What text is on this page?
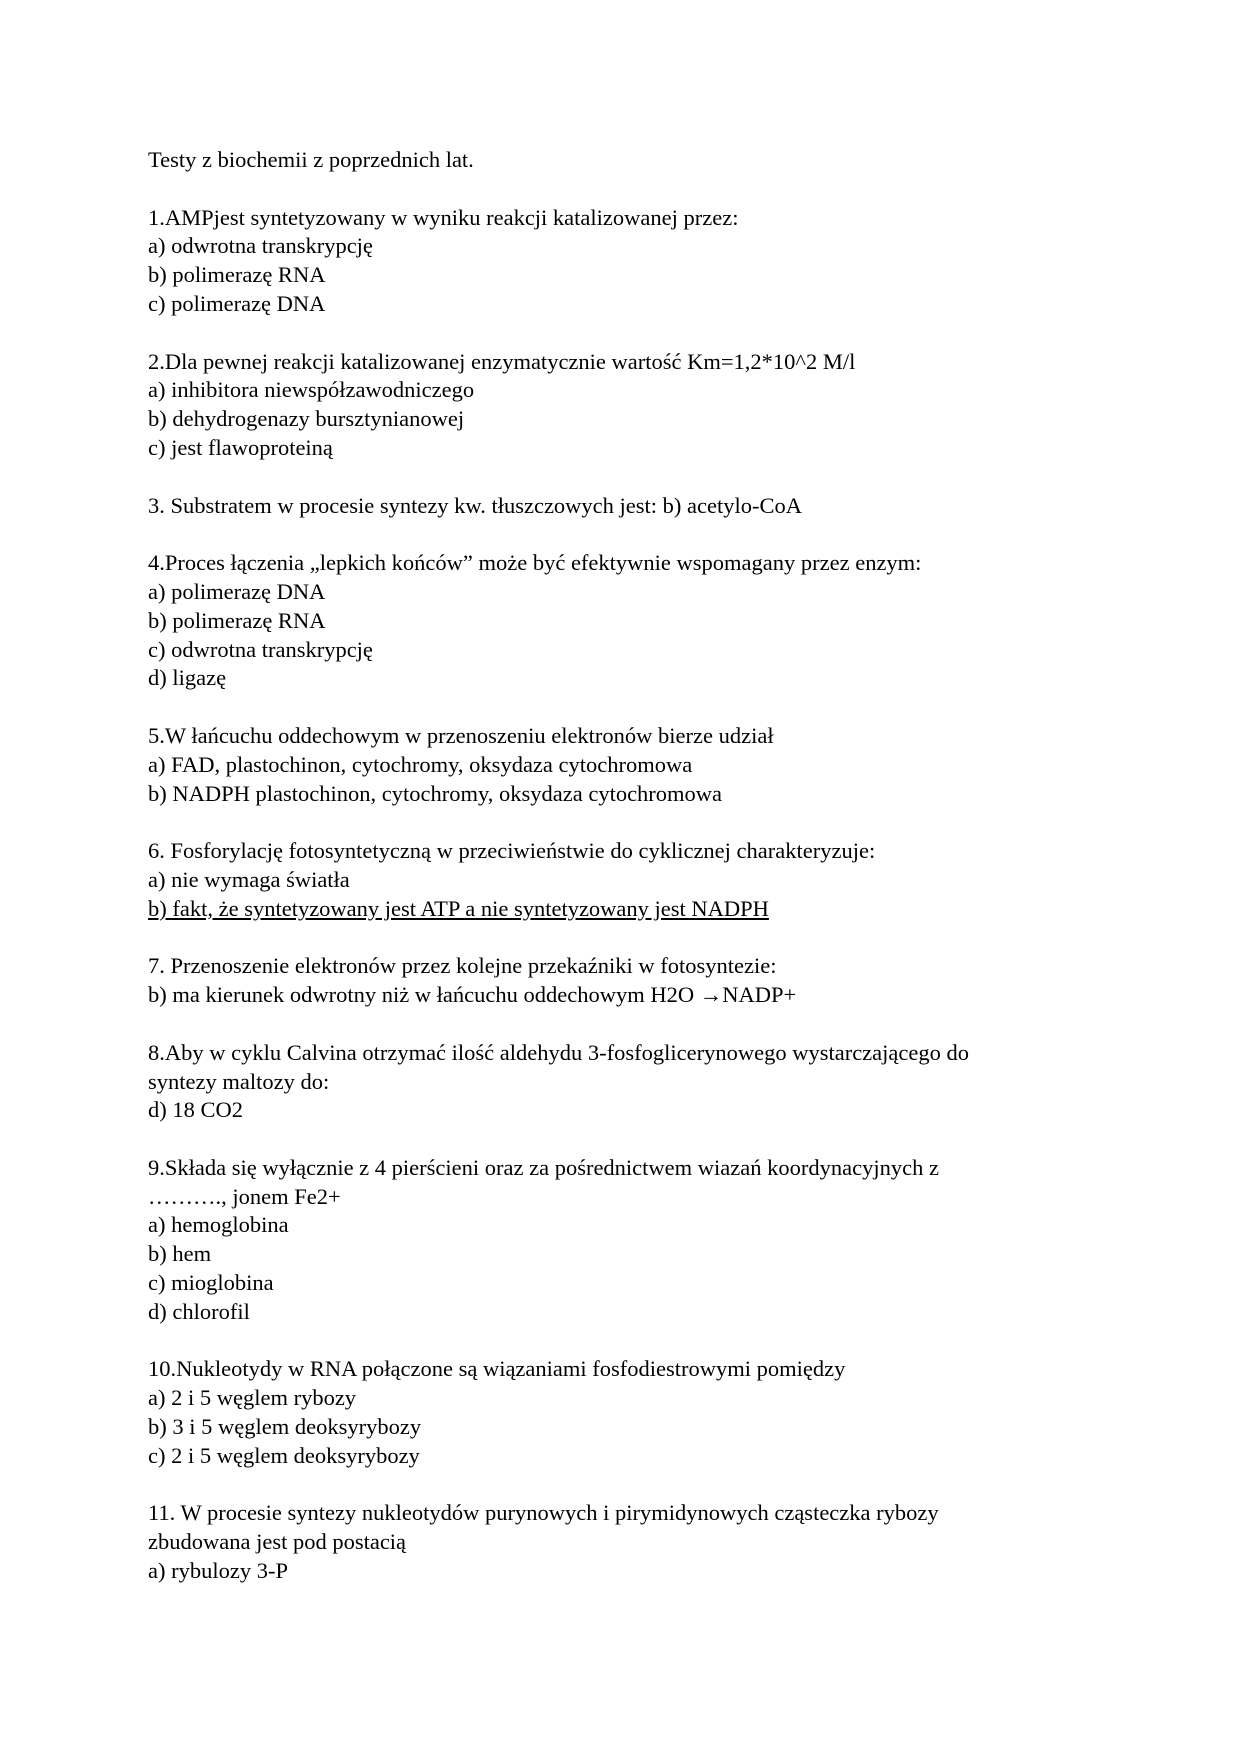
Testy z biochemii z poprzednich lat.
1.AMPjest syntetyzowany w wyniku reakcji katalizowanej przez:
a) odwrotna transkrypcję
b) polimerazę RNA
c) polimerazę DNA
2.Dla pewnej reakcji katalizowanej enzymatycznie wartość Km=1,2*10^2 M/l
a) inhibitora niewspółzawodniczego
b) dehydrogenazy bursztynianowej
c) jest flawoproteiną
3. Substratem w procesie syntezy kw. tłuszczowych jest: b) acetylo-CoA
4.Proces łączenia „lepkich końców” może być efektywnie wspomagany przez enzym:
a) polimerazę DNA
b) polimerazę RNA
c) odwrotna transkrypcję
d) ligazę
5.W łańcuchu oddechowym w przenoszeniu elektronów bierze udział
a) FAD, plastochinon, cytochromy, oksydaza cytochromowa
b) NADPH plastochinon, cytochromy, oksydaza cytochromowa
6. Fosforylację fotosyntetyczną w przeciwieństwie do cyklicznej charakteryzuje:
a) nie wymaga światła
b) fakt, że syntetyzowany jest ATP a nie syntetyzowany jest NADPH
7. Przenoszenie elektronów przez kolejne przekaźniki w fotosyntezie:
b) ma kierunek odwrotny niż w łańcuchu oddechowym H2O →NADP+
8.Aby w cyklu Calvina otrzymać ilość aldehydu 3-fosfoglicerynowego wystarczającego do
syntezy maltozy do:
d) 18 CO2
9.Składa się wyłącznie z 4 pierścieni oraz za pośrednictwem wiazań koordynacyjnych z
………., jonem Fe2+
a) hemoglobina
b) hem
c) mioglobina
d) chlorofil
10.Nukleotydy w RNA połączone są wiązaniami fosfodiestrowymi pomiędzy
a) 2 i 5 węglem rybozy
b) 3 i 5 węglem deoksyrybozy
c) 2 i 5 węglem deoksyrybozy
11. W procesie syntezy nukleotydów purynowych i pirymidynowych cząsteczka rybozy
zbudowana jest pod postacią
a) rybulozy 3-P
